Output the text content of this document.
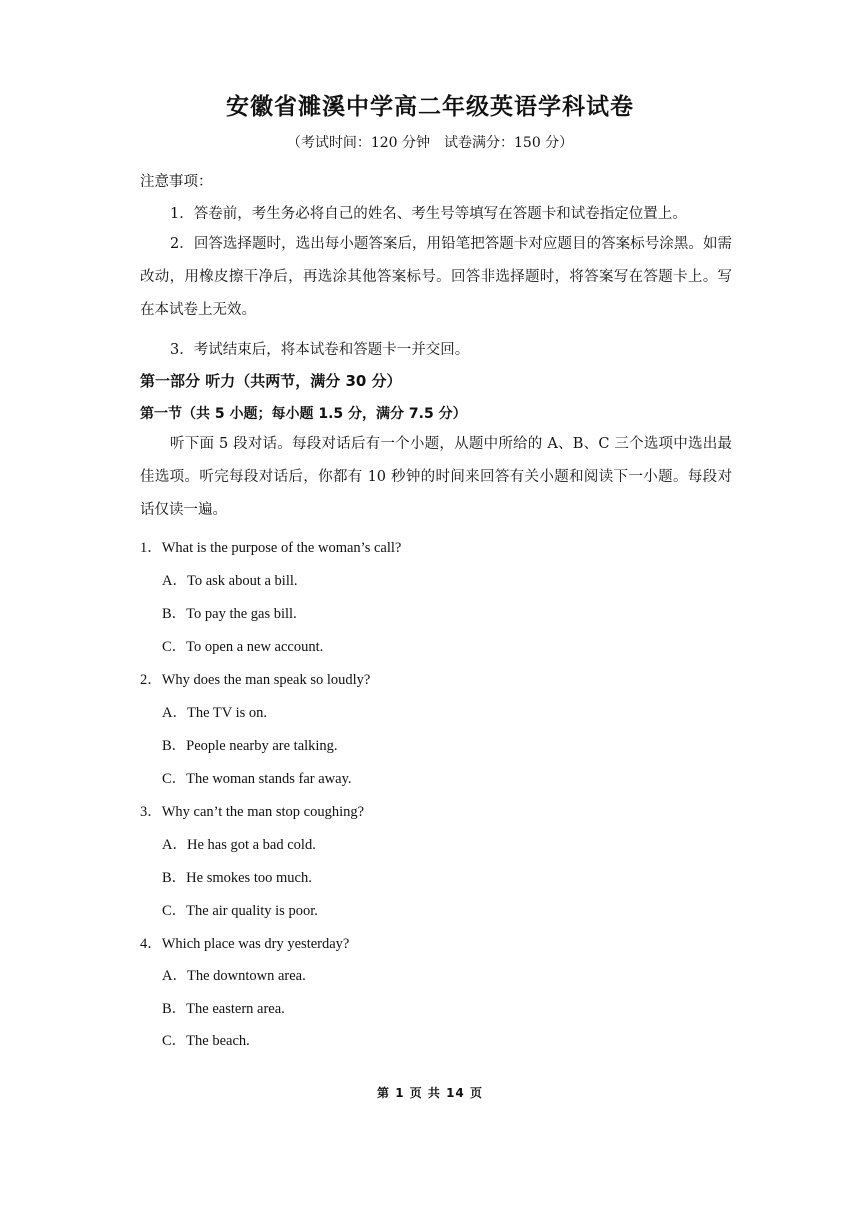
安徽省濉溪中学高二年级英语学科试卷
（考试时间：120 分钟 试卷满分：150 分）
注意事项：
1．答卷前，考生务必将自己的姓名、考生号等填写在答题卡和试卷指定位置上。
2．回答选择题时，选出每小题答案后，用铅笔把答题卡对应题目的答案标号涂黑。如需改动，用橡皮擦干净后，再选涂其他答案标号。回答非选择题时，将答案写在答题卡上。写在本试卷上无效。
3．考试结束后，将本试卷和答题卡一并交回。
第一部分 听力（共两节，满分 30 分）
第一节（共 5 小题；每小题 1.5 分，满分 7.5 分）
听下面 5 段对话。每段对话后有一个小题，从题中所给的 A、B、C 三个选项中选出最佳选项。听完每段对话后，你都有 10 秒钟的时间来回答有关小题和阅读下一小题。每段对话仅读一遍。
1．What is the purpose of the woman’s call?
A．To ask about a bill.
B．To pay the gas bill.
C．To open a new account.
2．Why does the man speak so loudly?
A．The TV is on.
B．People nearby are talking.
C．The woman stands far away.
3．Why can’t the man stop coughing?
A．He has got a bad cold.
B．He smokes too much.
C．The air quality is poor.
4．Which place was dry yesterday?
A．The downtown area.
B．The eastern area.
C．The beach.
第 1 页 共 14 页
